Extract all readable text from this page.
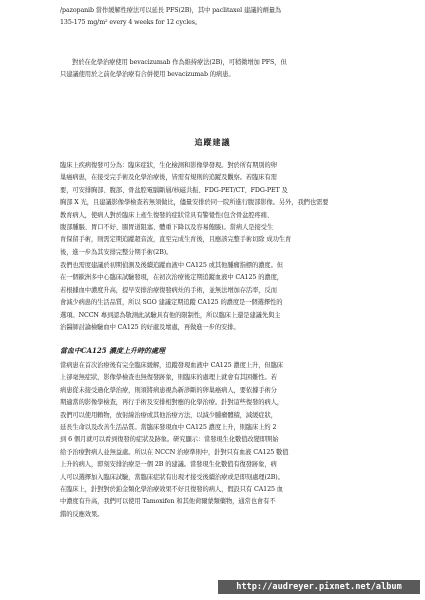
/pazopanib 當作緩解性療法可以延長 PFS(2B)，其中 paclitaxel 建議的劑量為
135-175 mg/m² every 4 weeks for 12 cycles。
對於在化學治療使用 bevacizumab 作為維持療法(2B)，可稍微增加 PFS，但
只建議使用於之前化學治療有合併使用 bevacizumab 的病患。
追蹤建議
臨床上疾病復發可分為：臨床症狀，生化檢測和影像學發現。對於所有期別的卵
巢癌病患，在接受完手術及化學治療後，皆需有規則的追蹤及觀察。若臨床有需
要，可安排胸部、腹部、骨盆腔電腦斷層/核磁共振、FDG-PET/CT、FDG-PET 及
胸部 X 光，且建議影像學檢查若無須做比，儘量安排於同一院所進行腹部影像。另外，我們也需要
教育病人，使病人對於臨床上產生復發的症狀常具有警覺性(包含骨盆腔疼痛、
腹部腫脹、胃口不好、腸胃道阻塞、體重下降以及容易飽脹)。當病人是接受生
育保留手術，則需定期追蹤超音波，直至完成生育後，且應該完整手術切除 成功生育
後，進一步為其安排完整分期手術(2B)。
我們也需度建議於初期偵測及後續追蹤血液中 CA125 或其他腫瘤指標的濃度。但
在一個歐洲多中心臨床試驗發現，在初次治療後定期追蹤血液中 CA125 的濃度，
若根據血中濃度升高，提早安排治療復發病灶的手術，並無法增加存活率，反而
會減少病患的生活品質，所以 SGO 建議定期追蹤 CA125 的濃度是一個選擇性的
選項。NCCN 專到認為敬測此試驗具有他的限制性，所以臨床上還是建議先與主
治醫師討論檢驗血中 CA125 的好處及壞處，再做進一步的安排。
當血中CA125 濃度上升時的處理
當病患在首次治療後有完全臨床緩解，追蹤發現血液中 CA125 濃度上升，但臨床
上卻毫無症狀，影像學檢查也無復發跡象，則臨床的處理上就會有其困難性。若
病患從未接受過化學治療，則須將病患視為新診斷的卵巢癌病人，要依據手術分
期適當的影像學檢查，再行手術及安排相對應的化學治療。針對這些復發的病人，
我們可以使用賴物，放射線治療或其他治療方法，以減少腫瘤體積，減緩症狀，
延長生命以及改善生活品質。當臨床發現血中 CA125 濃度上升，則臨床上約 2
到 6 個月就可以看到復發的症狀及跡象。研究顯示：當發現生化數值改變即開始
給予治療對病人並無益處。所以在 NCCN 治療準則中，針對只有血液 CA125 數值
上升的病人，即刻安排治療是一個 2B 的建議。當發現生化數值有復發跡象，病
人可以選擇加入臨床試驗，當臨床症狀有出現才接受後續治療或是即刻處理(2B)。
在臨床上，針對對於鉑金類化學治療效果不好且復發的病人，假設只有 CA125 血
中濃度有升高，我們可以使用 Tamoxifen 和其他荷爾蒙類藥物，通常也會有不
錯的反應效果。
http://audreyer.pixnet.net/album
